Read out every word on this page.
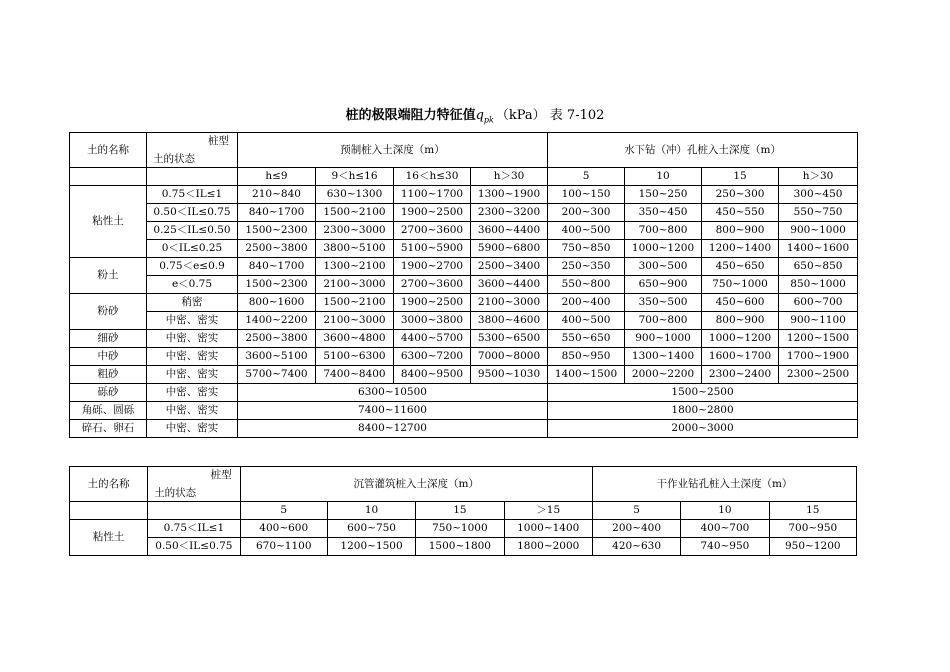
桩的极限端阻力特征值$q_{pk}$ （kPa） 表 7-102
土的名称	桩型
土的状态	预制桩入土深度（m）				水下钻（冲）孔桩入土深度（m）			
		h≤9	9＜h≤16	16＜h≤30	h＞30	5	10	15	h＞30
粘性土	0.75＜IL≤1	210~840	630~1300	1100~1700	1300~1900	100~150	150~250	250~300	300~450
	0.50＜IL≤0.75	840~1700	1500~2100	1900~2500	2300~3200	200~300	350~450	450~550	550~750
	0.25＜IL≤0.50	1500~2300	2300~3000	2700~3600	3600~4400	400~500	700~800	800~900	900~1000
	0＜IL≤0.25	2500~3800	3800~5100	5100~5900	5900~6800	750~850	1000~1200	1200~1400	1400~1600
粉土	0.75＜e≤0.9	840~1700	1300~2100	1900~2700	2500~3400	250~350	300~500	450~650	650~850
	e＜0.75	1500~2300	2100~3000	2700~3600	3600~4400	550~800	650~900	750~1000	850~1000
粉砂	稍密	800~1600	1500~2100	1900~2500	2100~3000	200~400	350~500	450~600	600~700
	中密、密实	1400~2200	2100~3000	3000~3800	3800~4600	400~500	700~800	800~900	900~1100
细砂	中密、密实	2500~3800	3600~4800	4400~5700	5300~6500	550~650	900~1000	1000~1200	1200~1500
中砂	中密、密实	3600~5100	5100~6300	6300~7200	7000~8000	850~950	1300~1400	1600~1700	1700~1900
粗砂	中密、密实	5700~7400	7400~8400	8400~9500	9500~1030	1400~1500	2000~2200	2300~2400	2300~2500
砾砂	中密、密实	6300~10500				1500~2500			
角砾、圆砾	中密、密实	7400~11600				1800~2800			
碎石、卵石	中密、密实	8400~12700				2000~3000			
土的名称	桩型
土的状态	沉管灌筑桩入土深度（m）				干作业钻孔桩入土深度（m）		
		5	10	15	＞15	5	10	15
粘性土	0.75＜IL≤1	400~600	600~750	750~1000	1000~1400	200~400	400~700	700~950
	0.50＜IL≤0.75	670~1100	1200~1500	1500~1800	1800~2000	420~630	740~950	950~1200
